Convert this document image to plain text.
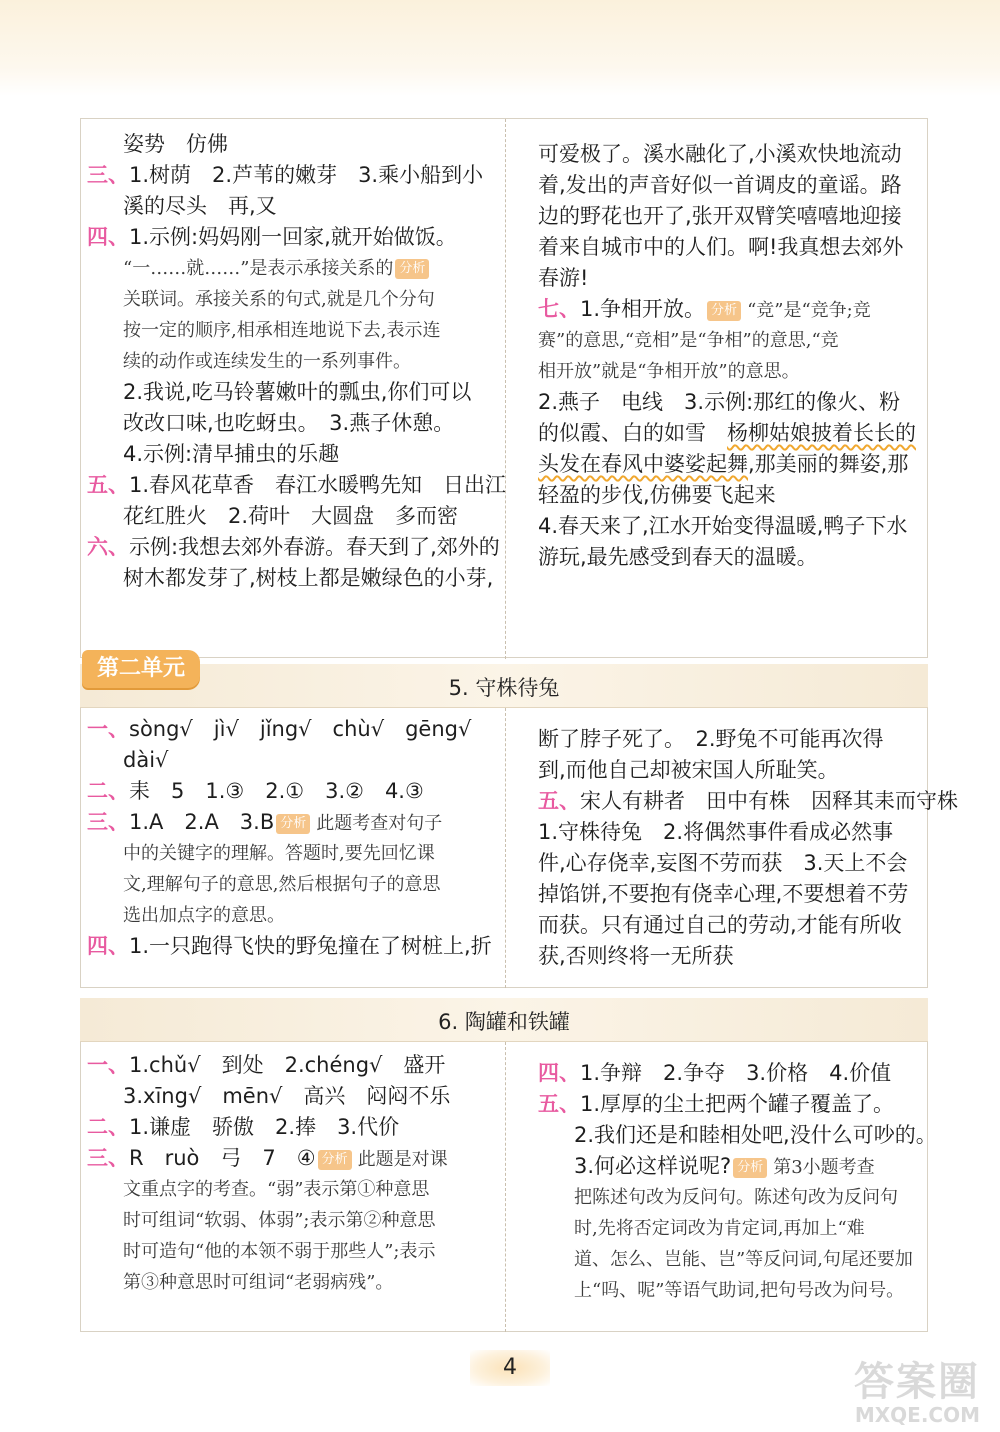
姿势　仿佛
三、1.树荫　2.芦苇的嫩芽　3.乘小船到小
溪的尽头　再,又
四、1.示例:妈妈刚一回家,就开始做饭。
“一……就……”是表示承接关系的 分析
关联词。承接关系的句式,就是几个分句
按一定的顺序,相承相连地说下去,表示连
续的动作或连续发生的一系列事件。
2.我说,吃马铃薯嫩叶的瓢虫,你们可以
改改口味,也吃蚜虫。　3.燕子休憩。
4.示例:清早捕虫的乐趣
五、1.春风花草香　春江水暖鸭先知　日出江
花红胜火　2.荷叶　大圆盘　多而密
六、示例:我想去郊外春游。春天到了,郊外的
树木都发芽了,树枝上都是嫩绿色的小芽,
可爱极了。溪水融化了,小溪欢快地流动
着,发出的声音好似一首调皮的童谣。路
边的野花也开了,张开双臂笑嘻嘻地迎接
着来自城市中的人们。啊!我真想去郊外
春游!
七、1.争相开放。 分析 “竞”是“竞争;竞
赛”的意思,“竞相”是“争相”的意思,“竞
相开放”就是“争相开放”的意思。
2.燕子　电线　3.示例:那红的像火、粉
的似霞、白的如雪　杨柳姑娘披着长长的
头发在春风中婆娑起舞,那美丽的舞姿,那
轻盈的步伐,仿佛要飞起来
4.春天来了,江水开始变得温暖,鸭子下水
游玩,最先感受到春天的温暖。
5. 守株待兔
第二单元
一、sòng√　jì√　jǐng√　chù√　gēng√
dài√
二、耒　5　1.③　2.①　3.②　4.③
三、1.A　2.A　3.B 分析 此题考查对句子
中的关键字的理解。答题时,要先回忆课
文,理解句子的意思,然后根据句子的意思
选出加点字的意思。
四、1.一只跑得飞快的野兔撞在了树桩上,折
断了脖子死了。　2.野兔不可能再次得
到,而他自己却被宋国人所耻笑。
五、宋人有耕者　田中有株　因释其耒而守株
1.守株待兔　2.将偶然事件看成必然事
件,心存侥幸,妄图不劳而获　3.天上不会
掉馅饼,不要抱有侥幸心理,不要想着不劳
而获。只有通过自己的劳动,才能有所收
获,否则终将一无所获
6. 陶罐和铁罐
一、1.chǔ√　到处　2.chéng√　盛开
3.xīng√　mēn√　高兴　闷闷不乐
二、1.谦虚　骄傲　2.捧　3.代价
三、R　ruò　弓　7　④ 分析 此题是对课
文重点字的考查。“弱”表示第①种意思
时可组词“软弱、体弱”;表示第②种意思
时可造句“他的本领不弱于那些人”;表示
第③种意思时可组词“老弱病残”。
四、1.争辩　2.争夺　3.价格　4.价值
五、1.厚厚的尘土把两个罐子覆盖了。
2.我们还是和睦相处吧,没什么可吵的。
3.何必这样说呢? 分析 第3小题考查
把陈述句改为反问句。陈述句改为反问句
时,先将否定词改为肯定词,再加上“难
道、怎么、岂能、岂”等反问词,句尾还要加
上“吗、呢”等语气助词,把句号改为问号。
4	答案圈
MXQE.COM
